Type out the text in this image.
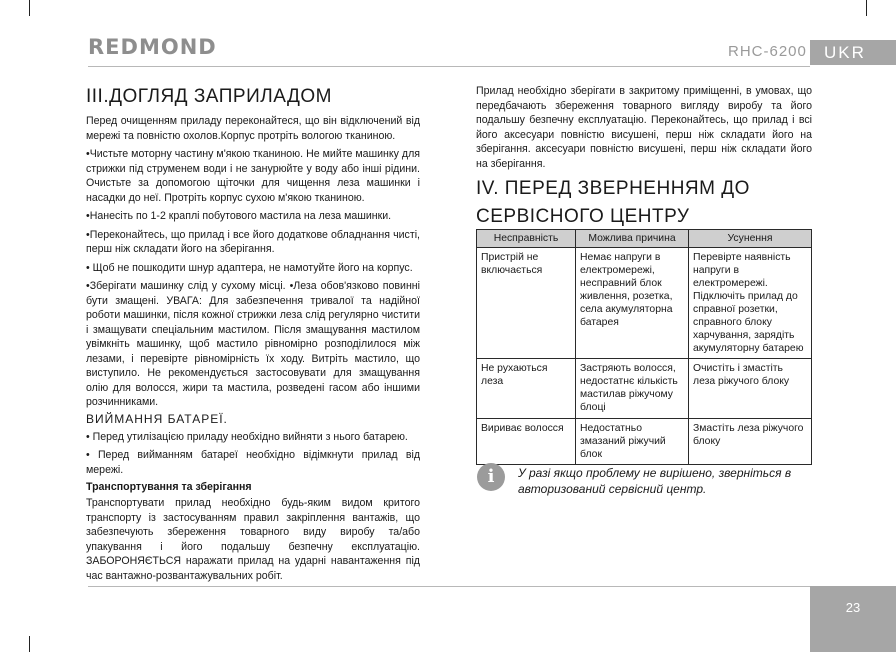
REDMOND	RHC-6200	UKR
III.ДОГЛЯД ЗАПРИЛАДОМ

Перед очищенням приладу переконайтеся, що він відключений від мережі та повністю охолов.Корпус протріть вологою тканиною.

•Чистьте моторну частину м'якою тканиною. Не мийте машинку для стрижки під струменем води і не занурюйте у воду або інші рідини. Очистьте за допомогою щіточки для чищення леза машинки і насадки до неї. Протріть корпус сухою м'якою тканиною.

•Нанесіть по 1-2 краплі побутового мастила на леза машинки.

•Переконайтесь, що прилад і все його додаткове обладнання чисті, перш ніж складати його на зберігання.

• Щоб не пошкодити шнур адаптера, не намотуйте його на корпус.

•Зберігати машинку слід у сухому місці. •Леза обов'язково повинні бути змащені. УВАГА: Для забезпечення тривалої та надійної роботи машинки, після кожної стрижки леза слід регулярно чистити і змащувати спеціальним мастилом. Після змащування мастилом увімкніть машинку, щоб мастило рівномірно розподілилося між лезами, і перевірте рівномірність їх ходу. Витріть мастило, що виступило. Не рекомендується застосовувати для змащування олію для волосся, жири та мастила, розведені гасом або іншими розчинниками.

ВИЙМАННЯ БАТАРЕЇ.

• Перед утилізацією приладу необхідно вийняти з нього батарею.

• Перед вийманням батареї необхідно відімкнути прилад від мережі.

Транспортування та зберігання

Транспортувати прилад необхідно будь-яким видом критого транспорту із застосуванням правил закріплення вантажів, що забезпечують збереження товарного виду виробу та/або упакування і його подальшу безпечну експлуатацію. ЗАБОРОНЯЄТЬСЯ наражати прилад на ударні навантаження під час вантажно-розвантажувальних робіт.

Прилад необхідно зберігати в закритому приміщенні, в умовах, що передбачають збереження товарного вигляду виробу та його подальшу безпечну експлуатацію. Переконайтесь, що прилад і всі його аксесуари повністю висушені, перш ніж складати його на зберігання. аксесуари повністю висушені, перш ніж складати його на зберігання.

IV. ПЕРЕД ЗВЕРНЕННЯМ ДО СЕРВІСНОГО ЦЕНТРУ
Несправність	Можлива причина	Усунення
Пристрій не включається	Немає напруги в електромережі, несправний блок живлення, розетка, села акумуляторна батарея	Перевірте наявність напруги в електромережі. Підключіть прилад до справної розетки, справного блоку харчування, зарядіть акумуляторну батарею
Не рухаються леза	Застряють волосся, недостатнє кількість мастилав ріжучому блоці	Очистіть і змастіть леза ріжучого блоку
Вириває волосся	Недостатньо змазаний ріжучий блок	Змастіть леза ріжучого блоку
i	У разі якщо проблему не вирішено, зверніться в авторизований сервісний центр.
23
